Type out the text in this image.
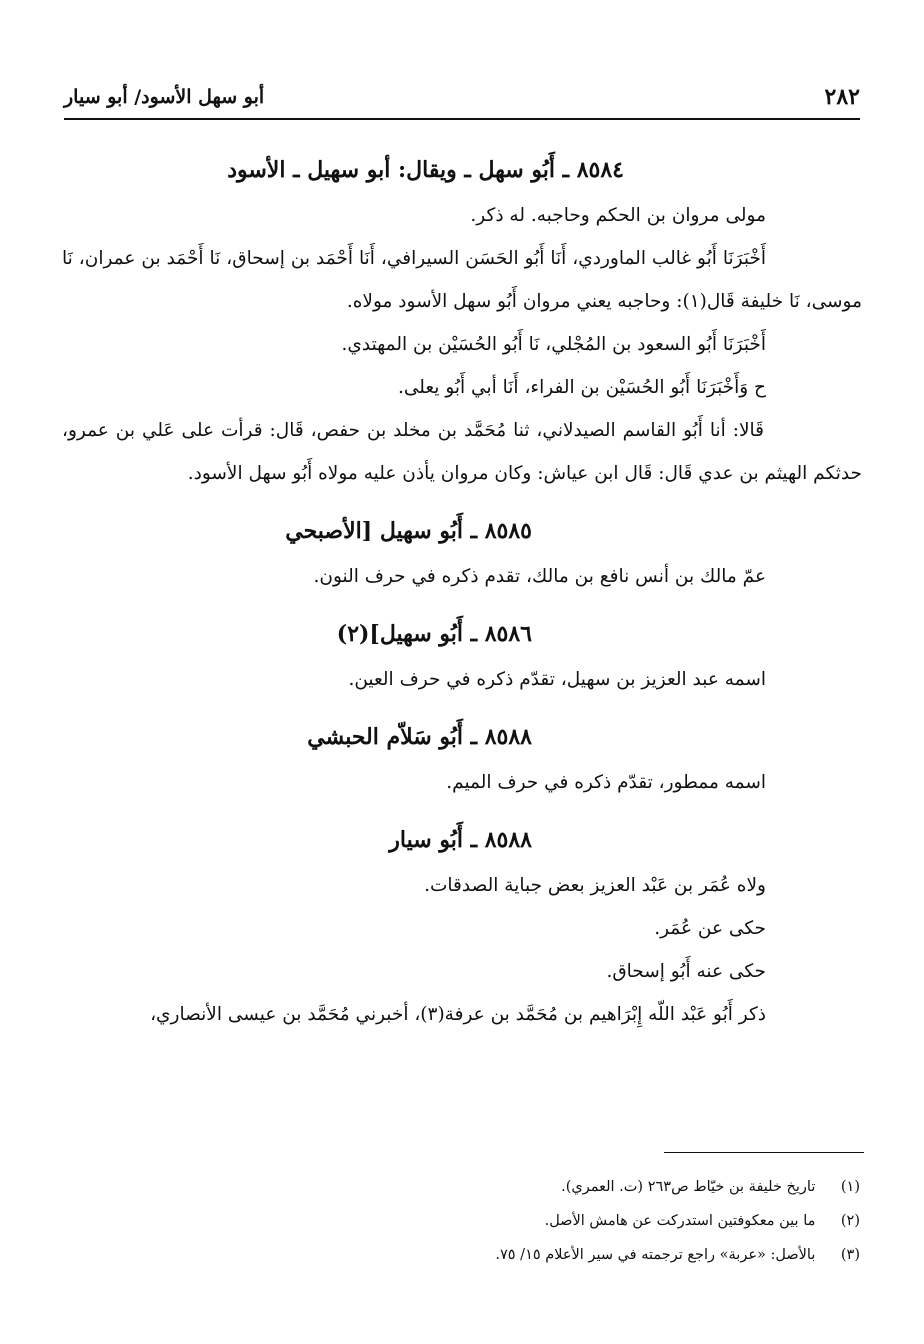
٢٨٢
أبو سهل الأسود/ أبو سيار
٨٥٨٤ ـ أَبُو سهل ـ ويقال: أبو سهيل ـ الأسود

مولى مروان بن الحكم وحاجبه. له ذكر.

أَخْبَرَنَا أَبُو غالب الماوردي، أَنَا أَبُو الحَسَن السيرافي، أَنَا أَحْمَد بن إسحاق، نَا أَحْمَد بن عمران، نَا موسى، نَا خليفة قَال(١): وحاجبه يعني مروان أَبُو سهل الأسود مولاه.

أَخْبَرَنَا أَبُو السعود بن المُجْلي، نَا أَبُو الحُسَيْن بن المهتدي.

ح وَأَخْبَرَنَا أَبُو الحُسَيْن بن الفراء، أَنَا أبي أَبُو يعلى.

قَالا: أنا أَبُو القاسم الصيدلاني، ثنا مُحَمَّد بن مخلد بن حفص، قَال: قرأت على عَلي بن عمرو، حدثكم الهيثم بن عدي قَال: قَال ابن عياش: وكان مروان يأذن عليه مولاه أَبُو سهل الأسود.

٨٥٨٥ ـ أَبُو سهيل [الأصبحي

عمّ مالك بن أنس نافع بن مالك، تقدم ذكره في حرف النون.

٨٥٨٦ ـ أَبُو سهيل](٢)

اسمه عبد العزيز بن سهيل، تقدّم ذكره في حرف العين.

٨٥٨٨ ـ أَبُو سَلاّم الحبشي

اسمه ممطور، تقدّم ذكره في حرف الميم.

٨٥٨٨ ـ أَبُو سيار

ولاه عُمَر بن عَبْد العزيز بعض جباية الصدقات.

حكى عن عُمَر.

حكى عنه أَبُو إسحاق.

ذكر أَبُو عَبْد اللّه إِبْرَاهيم بن مُحَمَّد بن عرفة(٣)، أخبرني مُحَمَّد بن عيسى الأنصاري،

(١) تاريخ خليفة بن خيّاط ص٢٦٣ (ت. العمري).

(٢) ما بين معكوفتين استدركت عن هامش الأصل.

(٣) بالأصل: «عربة» راجع ترجمته في سير الأعلام ١٥/ ٧٥.
